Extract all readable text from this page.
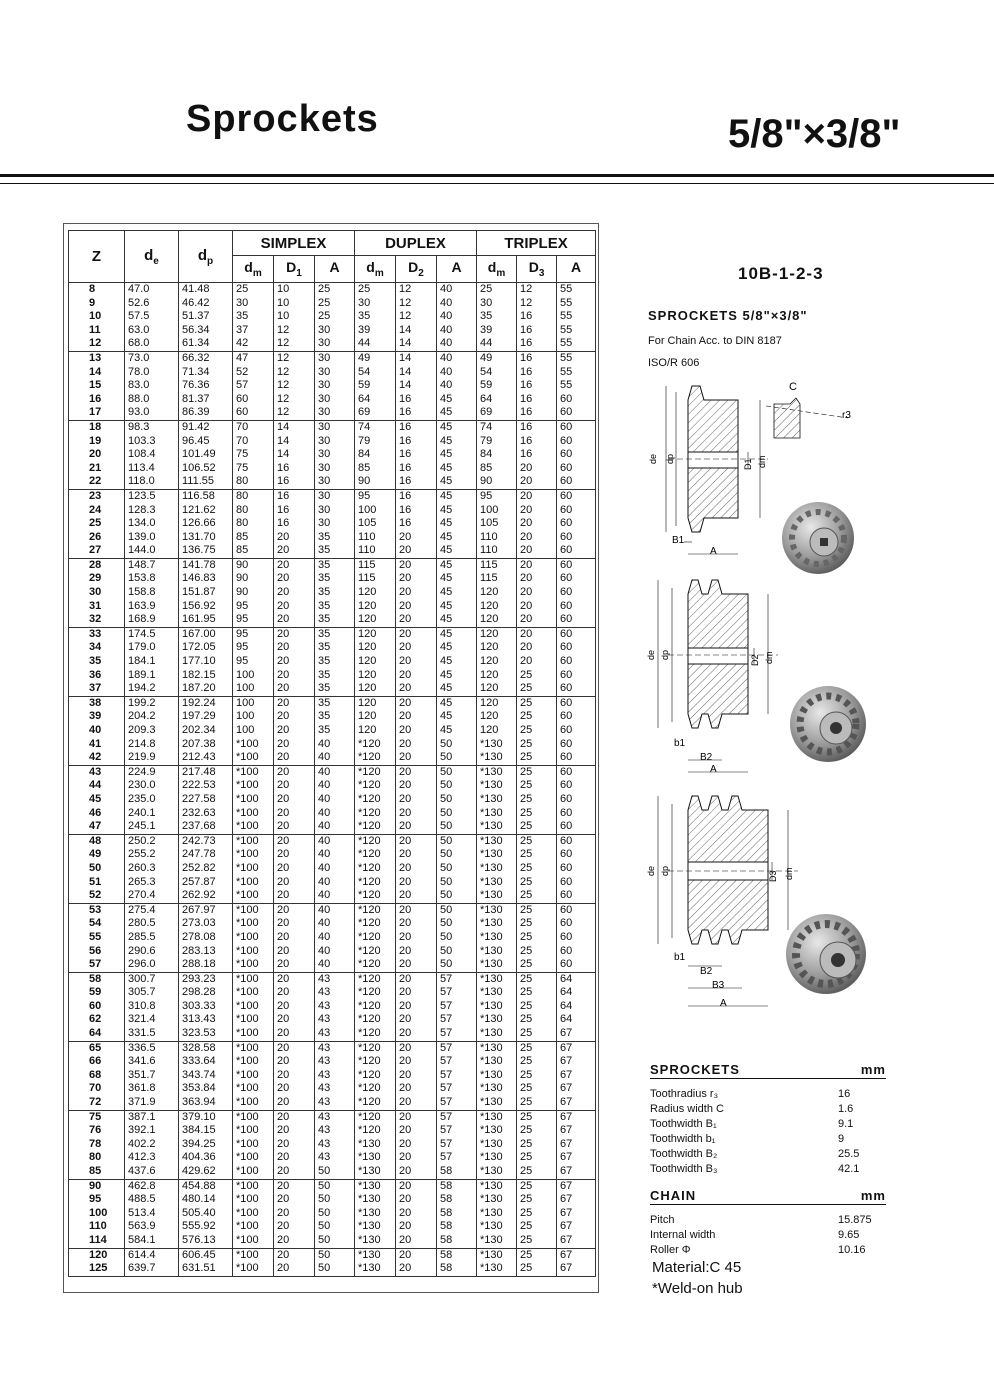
Sprockets	5/8"×3/8"
Z	$d_e$	$d_p$	SIMPLEX			DUPLEX			TRIPLEX		
			$d_m$	$D_1$	A	$d_m$	$D_2$	A	$d_m$	$D_3$	A
8	47.0	41.48	25	10	25	25	12	40	25	12	55
9	52.6	46.42	30	10	25	30	12	40	30	12	55
10	57.5	51.37	35	10	25	35	12	40	35	16	55
11	63.0	56.34	37	12	30	39	14	40	39	16	55
12	68.0	61.34	42	12	30	44	14	40	44	16	55
13	73.0	66.32	47	12	30	49	14	40	49	16	55
14	78.0	71.34	52	12	30	54	14	40	54	16	55
15	83.0	76.36	57	12	30	59	14	40	59	16	55
16	88.0	81.37	60	12	30	64	16	45	64	16	60
17	93.0	86.39	60	12	30	69	16	45	69	16	60
18	98.3	91.42	70	14	30	74	16	45	74	16	60
19	103.3	96.45	70	14	30	79	16	45	79	16	60
20	108.4	101.49	75	14	30	84	16	45	84	16	60
21	113.4	106.52	75	16	30	85	16	45	85	20	60
22	118.0	111.55	80	16	30	90	16	45	90	20	60
23	123.5	116.58	80	16	30	95	16	45	95	20	60
24	128.3	121.62	80	16	30	100	16	45	100	20	60
25	134.0	126.66	80	16	30	105	16	45	105	20	60
26	139.0	131.70	85	20	35	110	20	45	110	20	60
27	144.0	136.75	85	20	35	110	20	45	110	20	60
28	148.7	141.78	90	20	35	115	20	45	115	20	60
29	153.8	146.83	90	20	35	115	20	45	115	20	60
30	158.8	151.87	90	20	35	120	20	45	120	20	60
31	163.9	156.92	95	20	35	120	20	45	120	20	60
32	168.9	161.95	95	20	35	120	20	45	120	20	60
33	174.5	167.00	95	20	35	120	20	45	120	20	60
34	179.0	172.05	95	20	35	120	20	45	120	20	60
35	184.1	177.10	95	20	35	120	20	45	120	20	60
36	189.1	182.15	100	20	35	120	20	45	120	25	60
37	194.2	187.20	100	20	35	120	20	45	120	25	60
38	199.2	192.24	100	20	35	120	20	45	120	25	60
39	204.2	197.29	100	20	35	120	20	45	120	25	60
40	209.3	202.34	100	20	35	120	20	45	120	25	60
41	214.8	207.38	*100	20	40	*120	20	50	*130	25	60
42	219.9	212.43	*100	20	40	*120	20	50	*130	25	60
43	224.9	217.48	*100	20	40	*120	20	50	*130	25	60
44	230.0	222.53	*100	20	40	*120	20	50	*130	25	60
45	235.0	227.58	*100	20	40	*120	20	50	*130	25	60
46	240.1	232.63	*100	20	40	*120	20	50	*130	25	60
47	245.1	237.68	*100	20	40	*120	20	50	*130	25	60
48	250.2	242.73	*100	20	40	*120	20	50	*130	25	60
49	255.2	247.78	*100	20	40	*120	20	50	*130	25	60
50	260.3	252.82	*100	20	40	*120	20	50	*130	25	60
51	265.3	257.87	*100	20	40	*120	20	50	*130	25	60
52	270.4	262.92	*100	20	40	*120	20	50	*130	25	60
53	275.4	267.97	*100	20	40	*120	20	50	*130	25	60
54	280.5	273.03	*100	20	40	*120	20	50	*130	25	60
55	285.5	278.08	*100	20	40	*120	20	50	*130	25	60
56	290.6	283.13	*100	20	40	*120	20	50	*130	25	60
57	296.0	288.18	*100	20	40	*120	20	50	*130	25	60
58	300.7	293.23	*100	20	43	*120	20	57	*130	25	64
59	305.7	298.28	*100	20	43	*120	20	57	*130	25	64
60	310.8	303.33	*100	20	43	*120	20	57	*130	25	64
62	321.4	313.43	*100	20	43	*120	20	57	*130	25	64
64	331.5	323.53	*100	20	43	*120	20	57	*130	25	67
65	336.5	328.58	*100	20	43	*120	20	57	*130	25	67
66	341.6	333.64	*100	20	43	*120	20	57	*130	25	67
68	351.7	343.74	*100	20	43	*120	20	57	*130	25	67
70	361.8	353.84	*100	20	43	*120	20	57	*130	25	67
72	371.9	363.94	*100	20	43	*120	20	57	*130	25	67
75	387.1	379.10	*100	20	43	*120	20	57	*130	25	67
76	392.1	384.15	*100	20	43	*120	20	57	*130	25	67
78	402.2	394.25	*100	20	43	*130	20	57	*130	25	67
80	412.3	404.36	*100	20	43	*130	20	57	*130	25	67
85	437.6	429.62	*100	20	50	*130	20	58	*130	25	67
90	462.8	454.88	*100	20	50	*130	20	58	*130	25	67
95	488.5	480.14	*100	20	50	*130	20	58	*130	25	67
100	513.4	505.40	*100	20	50	*130	20	58	*130	25	67
110	563.9	555.92	*100	20	50	*130	20	58	*130	25	67
114	584.1	576.13	*100	20	50	*130	20	58	*130	25	67
120	614.4	606.45	*100	20	50	*130	20	58	*130	25	67
125	639.7	631.51	*100	20	50	*130	20	58	*130	25	67
10B-1-2-3
SPROCKETS 5/8"×3/8"
For Chain Acc. to DIN 8187
ISO/R 606
C
r3
de dp	D1 dm
B1
A
de dp	D2 dm
b1
B2
A
de dp	D3 dm
b1
B2
B3
A
SPROCKETS	mm
Toothradius r₃	16
Radius width C	1.6
Toothwidth B₁	9.1
Toothwidth b₁	9
Toothwidth B₂	25.5
Toothwidth B₃	42.1
CHAIN	mm
Pitch	15.875
Internal width	9.65
Roller Φ	10.16
Material:C 45
*Weld-on hub
